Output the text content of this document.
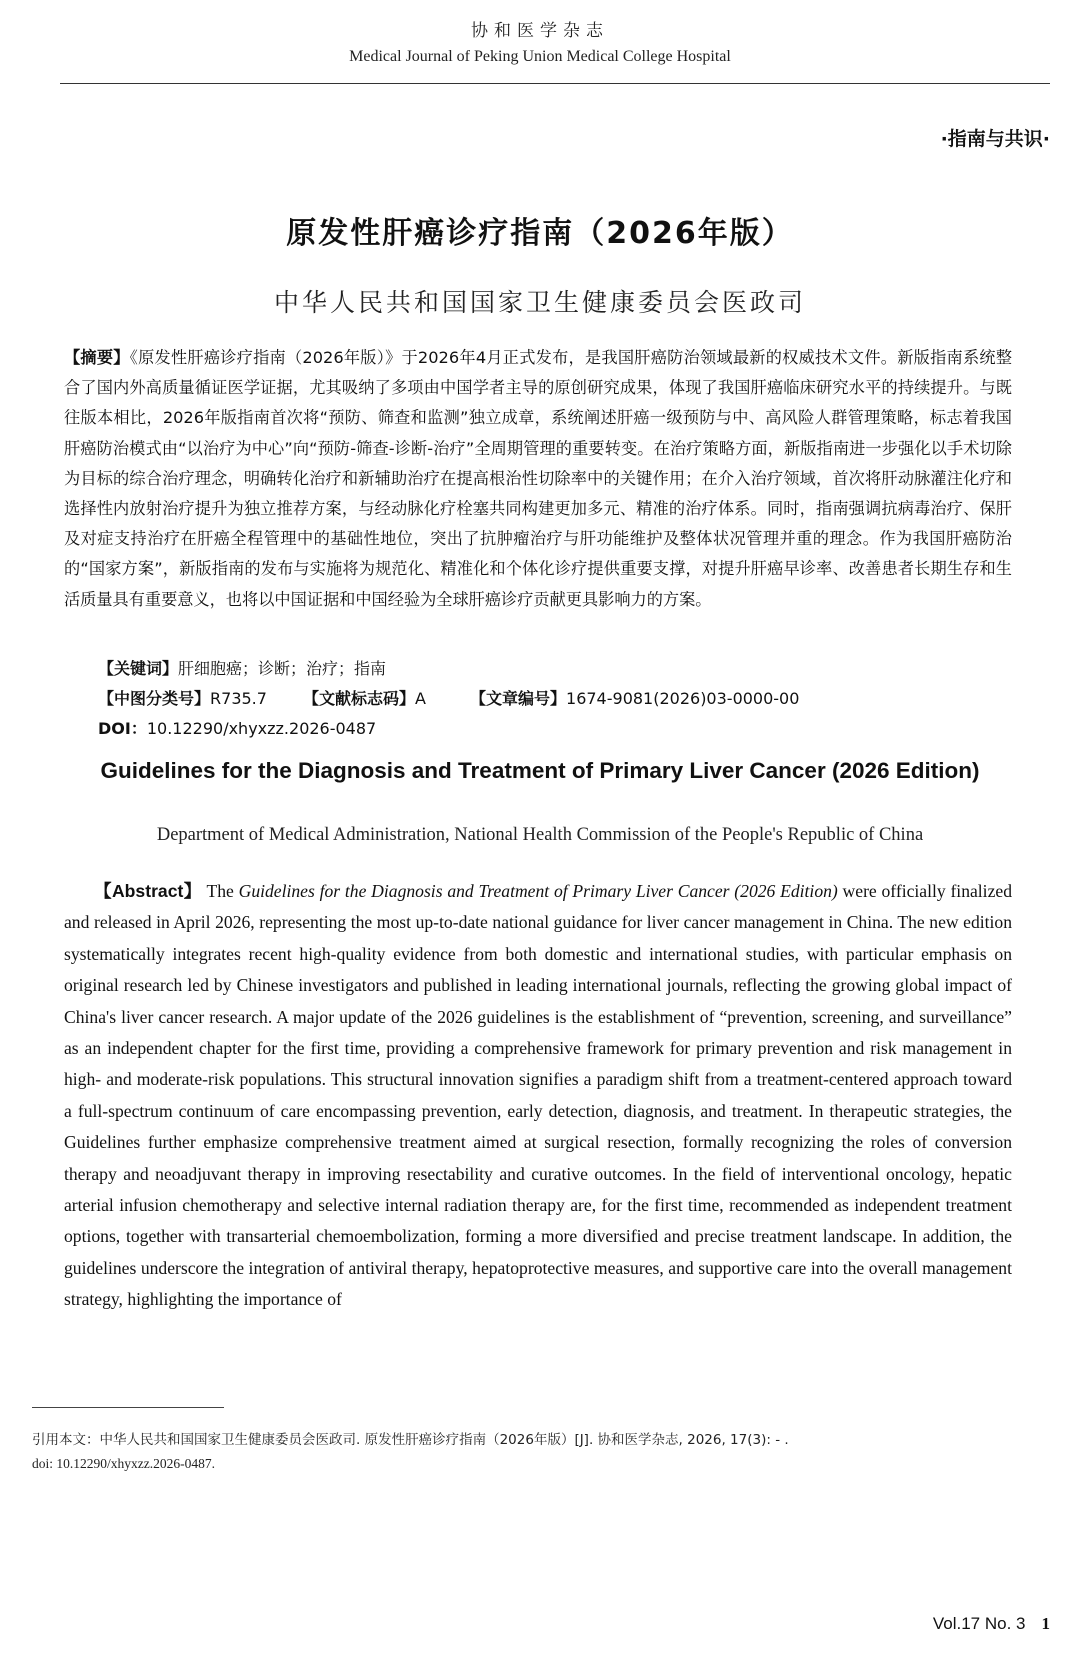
协和医学杂志
Medical Journal of Peking Union Medical College Hospital
·指南与共识·
原发性肝癌诊疗指南（2026年版）
中华人民共和国国家卫生健康委员会医政司
【摘要】《原发性肝癌诊疗指南（2026年版）》于2026年4月正式发布，是我国肝癌防治领域最新的权威技术文件。新版指南系统整合了国内外高质量循证医学证据，尤其吸纳了多项由中国学者主导的原创研究成果，体现了我国肝癌临床研究水平的持续提升。与既往版本相比，2026年版指南首次将“预防、筛查和监测”独立成章，系统阐述肝癌一级预防与中、高风险人群管理策略，标志着我国肝癌防治模式由“以治疗为中心”向“预防-筛查-诊断-治疗”全周期管理的重要转变。在治疗策略方面，新版指南进一步强化以手术切除为目标的综合治疗理念，明确转化治疗和新辅助治疗在提高根治性切除率中的关键作用；在介入治疗领域，首次将肝动脉灌注化疗和选择性内放射治疗提升为独立推荐方案，与经动脉化疗栓塞共同构建更加多元、精准的治疗体系。同时，指南强调抗病毒治疗、保肝及对症支持治疗在肝癌全程管理中的基础性地位，突出了抗肿瘤治疗与肝功能维护及整体状况管理并重的理念。作为我国肝癌防治的“国家方案”，新版指南的发布与实施将为规范化、精准化和个体化诊疗提供重要支撑，对提升肝癌早诊率、改善患者长期生存和生活质量具有重要意义，也将以中国证据和中国经验为全球肝癌诊疗贡献更具影响力的方案。
【关键词】肝细胞癌；诊断；治疗；指南
【中图分类号】R735.7 【文献标志码】A	【文章编号】1674-9081(2026)03-0000-00
DOI：10.12290/xhyxzz.2026-0487
Guidelines for the Diagnosis and Treatment of Primary Liver Cancer (2026 Edition)
Department of Medical Administration, National Health Commission of the People's Republic of China
【Abstract】 The Guidelines for the Diagnosis and Treatment of Primary Liver Cancer (2026 Edition) were officially finalized and released in April 2026, representing the most up-to-date national guidance for liver cancer management in China. The new edition systematically integrates recent high-quality evidence from both domestic and international studies, with particular emphasis on original research led by Chinese investigators and published in leading international journals, reflecting the growing global impact of China's liver cancer research. A major update of the 2026 guidelines is the establishment of “prevention, screening, and surveillance” as an independent chapter for the first time, providing a comprehensive framework for primary prevention and risk management in high- and moderate-risk populations. This structural innovation signifies a paradigm shift from a treatment-centered approach toward a full-spectrum continuum of care encompassing prevention, early detection, diagnosis, and treatment. In therapeutic strategies, the Guidelines further emphasize comprehensive treatment aimed at surgical resection, formally recognizing the roles of conversion therapy and neoadjuvant therapy in improving resectability and curative outcomes. In the field of interventional oncology, hepatic arterial infusion chemotherapy and selective internal radiation therapy are, for the first time, recommended as independent treatment options, together with transarterial chemoembolization, forming a more diversified and precise treatment landscape. In addition, the guidelines underscore the integration of antiviral therapy, hepatoprotective measures, and supportive care into the overall management strategy, highlighting the importance of
引用本文：中华人民共和国国家卫生健康委员会医政司. 原发性肝癌诊疗指南（2026年版）[J]. 协和医学杂志, 2026, 17(3): - .
doi: 10.12290/xhyxzz.2026-0487.
Vol.17 No. 3 1
